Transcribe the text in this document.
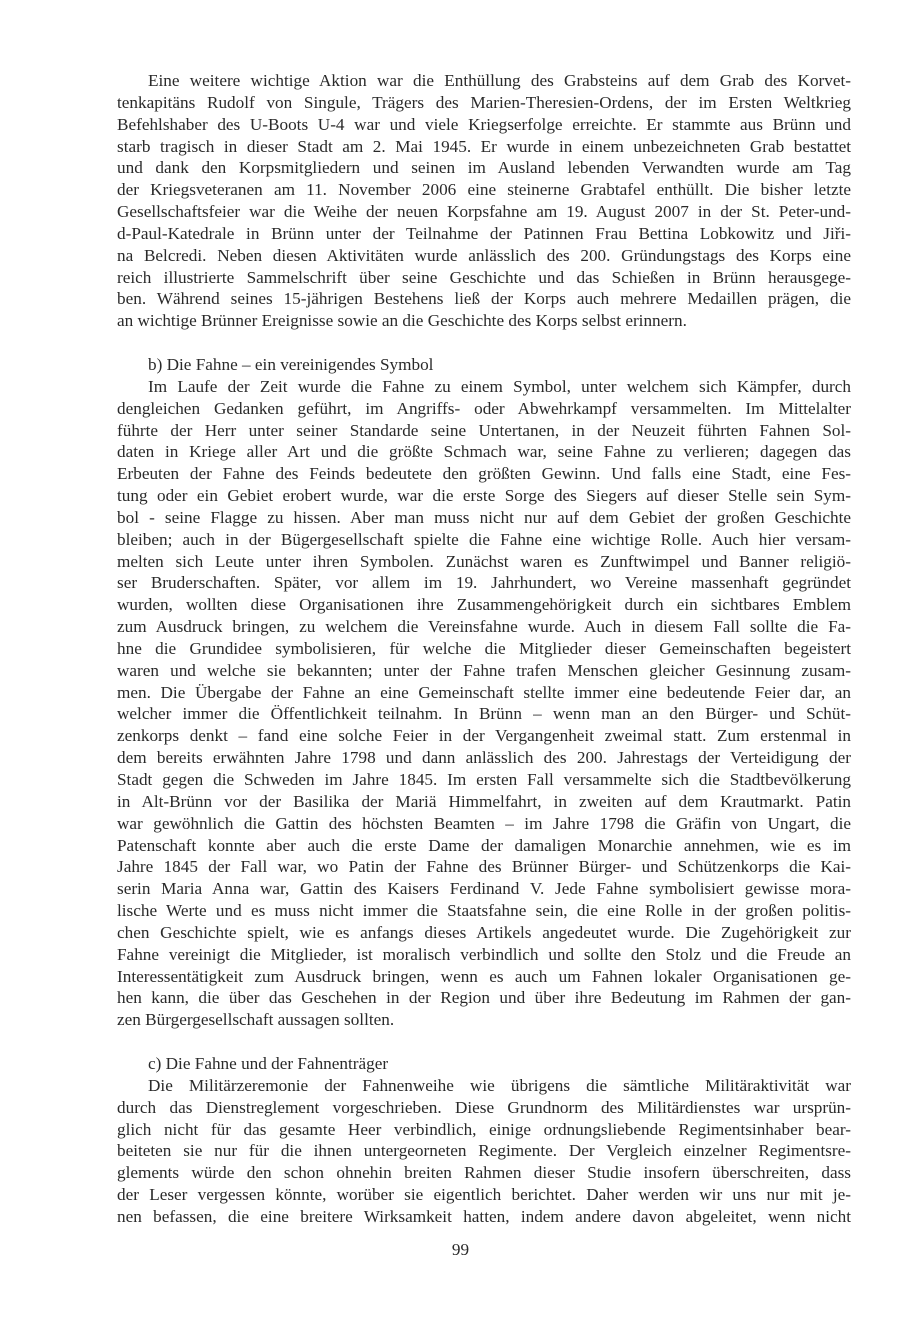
Eine weitere wichtige Aktion war die Enthüllung des Grabsteins auf dem Grab des Korvet-
tenkapitäns Rudolf von Singule, Trägers des Marien-Theresien-Ordens, der im Ersten Weltkrieg
Befehlshaber des U-Boots U-4 war und viele Kriegserfolge erreichte. Er stammte aus Brünn und
starb tragisch in dieser Stadt am 2. Mai 1945. Er wurde in einem unbezeichneten Grab bestattet
und dank den Korpsmitgliedern und seinen im Ausland lebenden Verwandten wurde am Tag
der Kriegsveteranen am 11. November 2006 eine steinerne Grabtafel enthüllt. Die bisher letzte
Gesellschaftsfeier war die Weihe der neuen Korpsfahne am 19. August 2007 in der St. Peter-und-
d-Paul-Katedrale in Brünn unter der Teilnahme der Patinnen Frau Bettina Lobkowitz und Jiři-
na Belcredi. Neben diesen Aktivitäten wurde anlässlich des 200. Gründungstags des Korps eine
reich illustrierte Sammelschrift über seine Geschichte und das Schießen in Brünn herausgege-
ben. Während seines 15-jährigen Bestehens ließ der Korps auch mehrere Medaillen prägen, die
an wichtige Brünner Ereignisse sowie an die Geschichte des Korps selbst erinnern.
b) Die Fahne – ein vereinigendes Symbol
Im Laufe der Zeit wurde die Fahne zu einem Symbol, unter welchem sich Kämpfer, durch
dengleichen Gedanken geführt, im Angriffs- oder Abwehrkampf versammelten. Im Mittelalter
führte der Herr unter seiner Standarde seine Untertanen, in der Neuzeit führten Fahnen Sol-
daten in Kriege aller Art und die größte Schmach war, seine Fahne zu verlieren; dagegen das
Erbeuten der Fahne des Feinds bedeutete den größten Gewinn. Und falls eine Stadt, eine Fes-
tung oder ein Gebiet erobert wurde, war die erste Sorge des Siegers auf dieser Stelle sein Sym-
bol - seine Flagge zu hissen. Aber man muss nicht nur auf dem Gebiet der großen Geschichte
bleiben; auch in der Bügergesellschaft spielte die Fahne eine wichtige Rolle. Auch hier versam-
melten sich Leute unter ihren Symbolen. Zunächst waren es Zunftwimpel und Banner religiö-
ser Bruderschaften. Später, vor allem im 19. Jahrhundert, wo Vereine massenhaft gegründet
wurden, wollten diese Organisationen ihre Zusammengehörigkeit durch ein sichtbares Emblem
zum Ausdruck bringen, zu welchem die Vereinsfahne wurde. Auch in diesem Fall sollte die Fa-
hne die Grundidee symbolisieren, für welche die Mitglieder dieser Gemeinschaften begeistert
waren und welche sie bekannten; unter der Fahne trafen Menschen gleicher Gesinnung zusam-
men. Die Übergabe der Fahne an eine Gemeinschaft stellte immer eine bedeutende Feier dar, an
welcher immer die Öffentlichkeit teilnahm. In Brünn – wenn man an den Bürger- und Schüt-
zenkorps denkt – fand eine solche Feier in der Vergangenheit zweimal statt. Zum erstenmal in
dem bereits erwähnten Jahre 1798 und dann anlässlich des 200. Jahrestags der Verteidigung der
Stadt gegen die Schweden im Jahre 1845. Im ersten Fall versammelte sich die Stadtbevölkerung
in Alt-Brünn vor der Basilika der Mariä Himmelfahrt, in zweiten auf dem Krautmarkt. Patin
war gewöhnlich die Gattin des höchsten Beamten – im Jahre 1798 die Gräfin von Ungart, die
Patenschaft konnte aber auch die erste Dame der damaligen Monarchie annehmen, wie es im
Jahre 1845 der Fall war, wo Patin der Fahne des Brünner Bürger- und Schützenkorps die Kai-
serin Maria Anna war, Gattin des Kaisers Ferdinand V. Jede Fahne symbolisiert gewisse mora-
lische Werte und es muss nicht immer die Staatsfahne sein, die eine Rolle in der großen politis-
chen Geschichte spielt, wie es anfangs dieses Artikels angedeutet wurde. Die Zugehörigkeit zur
Fahne vereinigt die Mitglieder, ist moralisch verbindlich und sollte den Stolz und die Freude an
Interessentätigkeit zum Ausdruck bringen, wenn es auch um Fahnen lokaler Organisationen ge-
hen kann, die über das Geschehen in der Region und über ihre Bedeutung im Rahmen der gan-
zen Bürgergesellschaft aussagen sollten.
c) Die Fahne und der Fahnenträger
Die Militärzeremonie der Fahnenweihe wie übrigens die sämtliche Militäraktivität war
durch das Dienstreglement vorgeschrieben. Diese Grundnorm des Militärdienstes war ursprün-
glich nicht für das gesamte Heer verbindlich, einige ordnungsliebende Regimentsinhaber bear-
beiteten sie nur für die ihnen untergeorneten Regimente. Der Vergleich einzelner Regimentsre-
glements würde den schon ohnehin breiten Rahmen dieser Studie insofern überschreiten, dass
der Leser vergessen könnte, worüber sie eigentlich berichtet. Daher werden wir uns nur mit je-
nen befassen, die eine breitere Wirksamkeit hatten, indem andere davon abgeleitet, wenn nicht
99
